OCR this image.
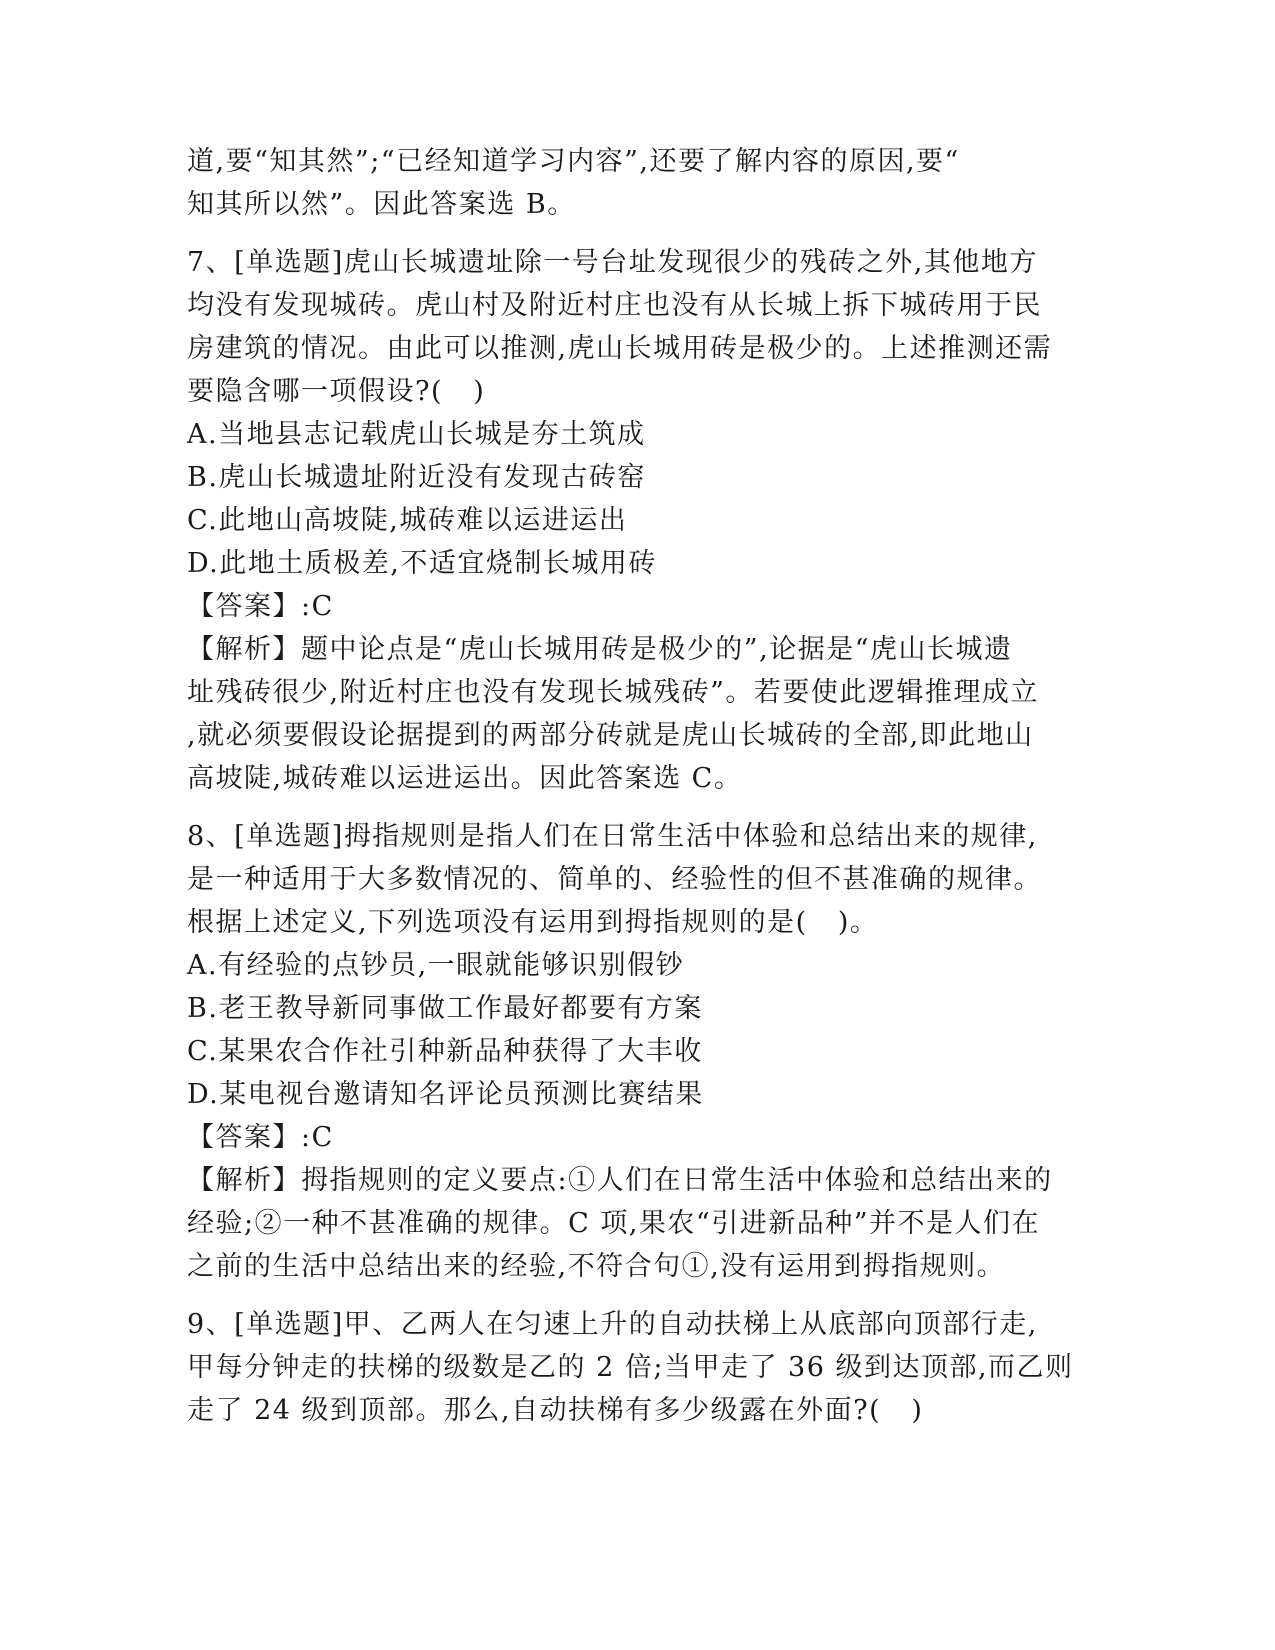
道,要“知其然”;“已经知道学习内容”,还要了解内容的原因,要“
知其所以然”。因此答案选 B。
7、[单选题]虎山长城遗址除一号台址发现很少的残砖之外,其他地方
均没有发现城砖。虎山村及附近村庄也没有从长城上拆下城砖用于民
房建筑的情况。由此可以推测,虎山长城用砖是极少的。上述推测还需
要隐含哪一项假设?(   )
A.当地县志记载虎山长城是夯土筑成
B.虎山长城遗址附近没有发现古砖窑
C.此地山高坡陡,城砖难以运进运出
D.此地土质极差,不适宜烧制长城用砖
【答案】:C
【解析】题中论点是“虎山长城用砖是极少的”,论据是“虎山长城遗
址残砖很少,附近村庄也没有发现长城残砖”。若要使此逻辑推理成立
,就必须要假设论据提到的两部分砖就是虎山长城砖的全部,即此地山
高坡陡,城砖难以运进运出。因此答案选 C。
8、[单选题]拇指规则是指人们在日常生活中体验和总结出来的规律,
是一种适用于大多数情况的、简单的、经验性的但不甚准确的规律。
根据上述定义,下列选项没有运用到拇指规则的是(   )。
A.有经验的点钞员,一眼就能够识别假钞
B.老王教导新同事做工作最好都要有方案
C.某果农合作社引种新品种获得了大丰收
D.某电视台邀请知名评论员预测比赛结果
【答案】:C
【解析】拇指规则的定义要点:①人们在日常生活中体验和总结出来的
经验;②一种不甚准确的规律。C 项,果农“引进新品种”并不是人们在
之前的生活中总结出来的经验,不符合句①,没有运用到拇指规则。
9、[单选题]甲、乙两人在匀速上升的自动扶梯上从底部向顶部行走,
甲每分钟走的扶梯的级数是乙的 2 倍;当甲走了 36 级到达顶部,而乙则
走了 24 级到顶部。那么,自动扶梯有多少级露在外面?(   )
